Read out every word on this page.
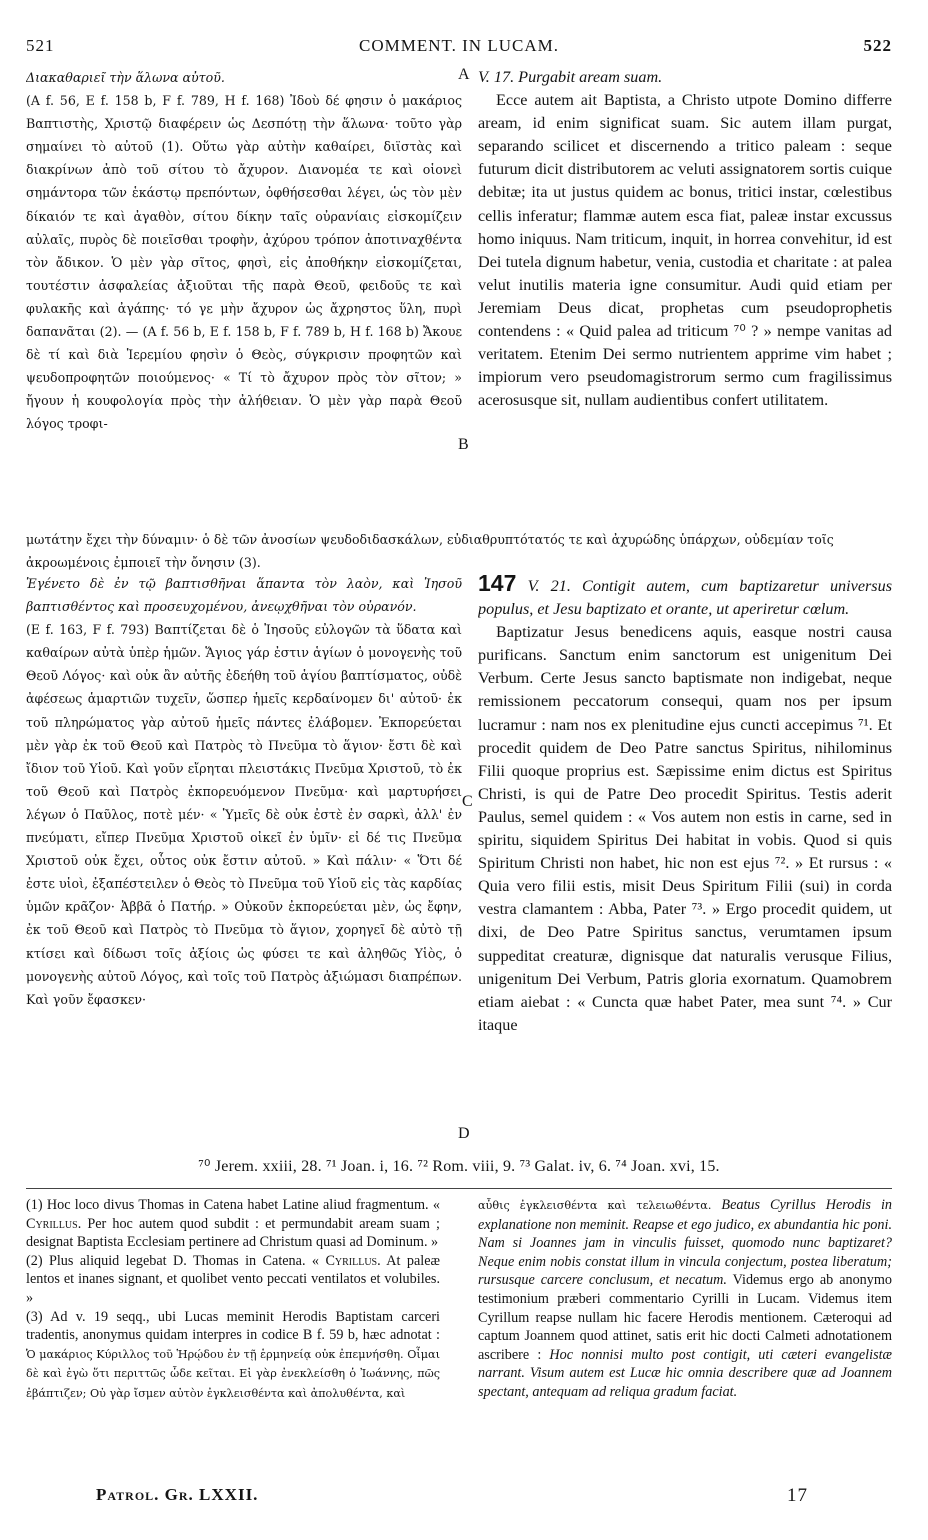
521	COMMENT. IN LUCAM.	522

Διακαθαριεῖ τὴν ἅλωνα αὐτοῦ.

(A f. 56, E f. 158 b, F f. 789, H f. 168) Ἰδοὺ δέ φησιν ὁ μακάριος Βαπτιστὴς, Χριστῷ διαφέρειν ὡς Δεσπότῃ τὴν ἅλωνα· τοῦτο γὰρ σημαίνει τὸ αὐτοῦ (1). Οὕτω γὰρ αὐτὴν καθαίρει, διϊστὰς καὶ διακρίνων ἀπὸ τοῦ σίτου τὸ ἄχυρον. Διανομέα τε καὶ οἱονεὶ σημάντορα τῶν ἑκάστῳ πρεπόντων, ὀφθήσεσθαι λέγει, ὡς τὸν μὲν δίκαιόν τε καὶ ἀγαθὸν, σίτου δίκην ταῖς οὐρανίαις εἰσκομίζειν αὐλαῖς, πυρὸς δὲ ποιεῖσθαι τροφὴν, ἀχύρου τρόπον ἀποτιναχθέντα τὸν ἄδικον. Ὁ μὲν γὰρ σῖτος, φησὶ, εἰς ἀποθήκην εἰσκομίζεται, τουτέστιν ἀσφαλείας ἀξιοῦται τῆς παρὰ Θεοῦ, φειδοῦς τε καὶ φυλακῆς καὶ ἀγάπης· τό γε μὴν ἄχυρον ὡς ἄχρηστος ὕλη, πυρὶ δαπανᾶται (2). — (A f. 56 b, E f. 158 b, F f. 789 b, H f. 168 b) Ἄκουε δὲ τί καὶ διὰ Ἱερεμίου φησὶν ὁ Θεὸς, σύγκρισιν προφητῶν καὶ ψευδοπροφητῶν ποιούμενος· « Τί τὸ ἄχυρον πρὸς τὸν σῖτον; » ἤγουν ἡ κουφολογία πρὸς τὴν ἀλήθειαν. Ὁ μὲν γὰρ παρὰ Θεοῦ λόγος τροφι-

V. 17. Purgabit aream suam.

Ecce autem ait Baptista, a Christo utpote Domino differre aream, id enim significat suam. Sic autem illam purgat, separando scilicet et discernendo a tritico paleam : seque futurum dicit distributorem ac veluti assignatorem sortis cuique debitæ; ita ut justus quidem ac bonus, tritici instar, cœlestibus cellis inferatur; flammæ autem esca fiat, paleæ instar excussus homo iniquus. Nam triticum, inquit, in horrea convehitur, id est Dei tutela dignum habetur, venia, custodia et charitate : at palea velut inutilis materia igne consumitur. Audi quid etiam per Jeremiam Deus dicat, prophetas cum pseudoprophetis contendens : « Quid palea ad triticum ⁷⁰ ? » nempe vanitas ad veritatem. Etenim Dei sermo nutrientem apprime vim habet ; impiorum vero pseudomagistrorum sermo cum fragilissimus acerosusque sit, nullam audientibus confert utilitatem.

μωτάτην ἔχει τὴν δύναμιν· ὁ δὲ τῶν ἀνοσίων ψευδοδιδασκάλων, εὐδιαθρυπτότατός τε καὶ ἀχυρώδης ὑπάρχων, οὐδεμίαν τοῖς ἀκροωμένοις ἐμποιεῖ τὴν ὄνησιν (3).

Ἐγένετο δὲ ἐν τῷ βαπτισθῆναι ἅπαντα τὸν λαὸν, καὶ Ἰησοῦ βαπτισθέντος καὶ προσευχομένου, ἀνεῳχθῆναι τὸν οὐρανόν.

(E f. 163, F f. 793) Βαπτίζεται δὲ ὁ Ἰησοῦς εὐλογῶν τὰ ὕδατα καὶ καθαίρων αὐτὰ ὑπὲρ ἡμῶν. Ἅγιος γάρ ἐστιν ἁγίων ὁ μονογενὴς τοῦ Θεοῦ Λόγος· καὶ οὐκ ἂν αὐτῆς ἐδεήθη τοῦ ἁγίου βαπτίσματος, οὐδὲ ἀφέσεως ἁμαρτιῶν τυχεῖν, ὥσπερ ἡμεῖς κερδαίνομεν δι' αὐτοῦ· ἐκ τοῦ πληρώματος γὰρ αὐτοῦ ἡμεῖς πάντες ἐλάβομεν. Ἐκπορεύεται μὲν γὰρ ἐκ τοῦ Θεοῦ καὶ Πατρὸς τὸ Πνεῦμα τὸ ἅγιον· ἔστι δὲ καὶ ἴδιον τοῦ Υἱοῦ. Καὶ γοῦν εἴρηται πλειστάκις Πνεῦμα Χριστοῦ, τὸ ἐκ τοῦ Θεοῦ καὶ Πατρὸς ἐκπορευόμενον Πνεῦμα· καὶ μαρτυρήσει λέγων ὁ Παῦλος, ποτὲ μέν· « Ὑμεῖς δὲ οὐκ ἐστὲ ἐν σαρκὶ, ἀλλ' ἐν πνεύματι, εἴπερ Πνεῦμα Χριστοῦ οἰκεῖ ἐν ὑμῖν· εἰ δέ τις Πνεῦμα Χριστοῦ οὐκ ἔχει, οὗτος οὐκ ἔστιν αὐτοῦ. » Καὶ πάλιν· « Ὅτι δέ ἐστε υἱοὶ, ἐξαπέστειλεν ὁ Θεὸς τὸ Πνεῦμα τοῦ Υἱοῦ εἰς τὰς καρδίας ὑμῶν κρᾶζον· Ἀββᾶ ὁ Πατήρ. » Οὐκοῦν ἐκπορεύεται μὲν, ὡς ἔφην, ἐκ τοῦ Θεοῦ καὶ Πατρὸς τὸ Πνεῦμα τὸ ἅγιον, χορηγεῖ δὲ αὐτὸ τῇ κτίσει καὶ δίδωσι τοῖς ἀξίοις ὡς φύσει τε καὶ ἀληθῶς Υἱὸς, ὁ μονογενὴς αὐτοῦ Λόγος, καὶ τοῖς τοῦ Πατρὸς ἀξιώμασι διαπρέπων. Καὶ γοῦν ἔφασκεν·

147 V. 21. Contigit autem, cum baptizaretur universus populus, et Jesu baptizato et orante, ut aperiretur cœlum.

Baptizatur Jesus benedicens aquis, easque nostri causa purificans. Sanctum enim sanctorum est unigenitum Dei Verbum. Certe Jesus sancto baptismate non indigebat, neque remissionem peccatorum consequi, quam nos per ipsum lucramur : nam nos ex plenitudine ejus cuncti accepimus ⁷¹. Et procedit quidem de Deo Patre sanctus Spiritus, nihilominus Filii quoque proprius est. Sæpissime enim dictus est Spiritus Christi, is qui de Patre Deo procedit Spiritus. Testis aderit Paulus, semel quidem : « Vos autem non estis in carne, sed in spiritu, siquidem Spiritus Dei habitat in vobis. Quod si quis Spiritum Christi non habet, hic non est ejus ⁷². » Et rursus : « Quia vero filii estis, misit Deus Spiritum Filii (sui) in corda vestra clamantem : Abba, Pater ⁷³. » Ergo procedit quidem, ut dixi, de Deo Patre Spiritus sanctus, verumtamen ipsum suppeditat creaturæ, dignisque dat naturalis verusque Filius, unigenitum Dei Verbum, Patris gloria exornatum. Quamobrem etiam aiebat : « Cuncta quæ habet Pater, mea sunt ⁷⁴. » Cur itaque

A
B
C
D
⁷⁰ Jerem. xxiii, 28. ⁷¹ Joan. i, 16. ⁷² Rom. viii, 9. ⁷³ Galat. iv, 6. ⁷⁴ Joan. xvi, 15.

(1) Hoc loco divus Thomas in Catena habet Latine aliud fragmentum. « Cyrillus. Per hoc autem quod subdit : et permundabit aream suam ; designat Baptista Ecclesiam pertinere ad Christum quasi ad Dominum. »

(2) Plus aliquid legebat D. Thomas in Catena. « Cyrillus. At paleæ lentos et inanes signant, et quolibet vento peccati ventilatos et volubiles. »

(3) Ad v. 19 seqq., ubi Lucas meminit Herodis Baptistam carceri tradentis, anonymus quidam interpres in codice B f. 59 b, hæc adnotat : Ὁ μακάριος Κύριλλος τοῦ Ἡρῴδου ἐν τῇ ἑρμηνείᾳ οὐκ ἐπεμνήσθη. Οἶμαι δὲ καὶ ἐγὼ ὅτι περιττῶς ὧδε κεῖται. Εἰ γὰρ ἐνεκλείσθη ὁ Ἰωάννης, πῶς ἐβάπτιζεν; Οὐ γὰρ ἴσμεν αὐτὸν ἐγκλεισθέντα καὶ ἀπολυθέντα, καὶ

αὖθις ἐγκλεισθέντα καὶ τελειωθέντα. Beatus Cyrillus Herodis in explanatione non meminit. Reapse et ego judico, ex abundantia hic poni. Nam si Joannes jam in vinculis fuisset, quomodo nunc baptizaret? Neque enim nobis constat illum in vincula conjectum, postea liberatum; rursusque carcere conclusum, et necatum. Videmus ergo ab anonymo testimonium præberi commentario Cyrilli in Lucam. Videmus item Cyrillum reapse nullam hic facere Herodis mentionem. Cæteroqui ad captum Joannem quod attinet, satis erit hic docti Calmeti adnotationem ascribere : Hoc nonnisi multo post contigit, uti cæteri evangelistæ narrant. Visum autem est Lucæ hic omnia describere quæ ad Joannem spectant, antequam ad reliqua gradum faciat.

Patrol. Gr. LXXII.	17
